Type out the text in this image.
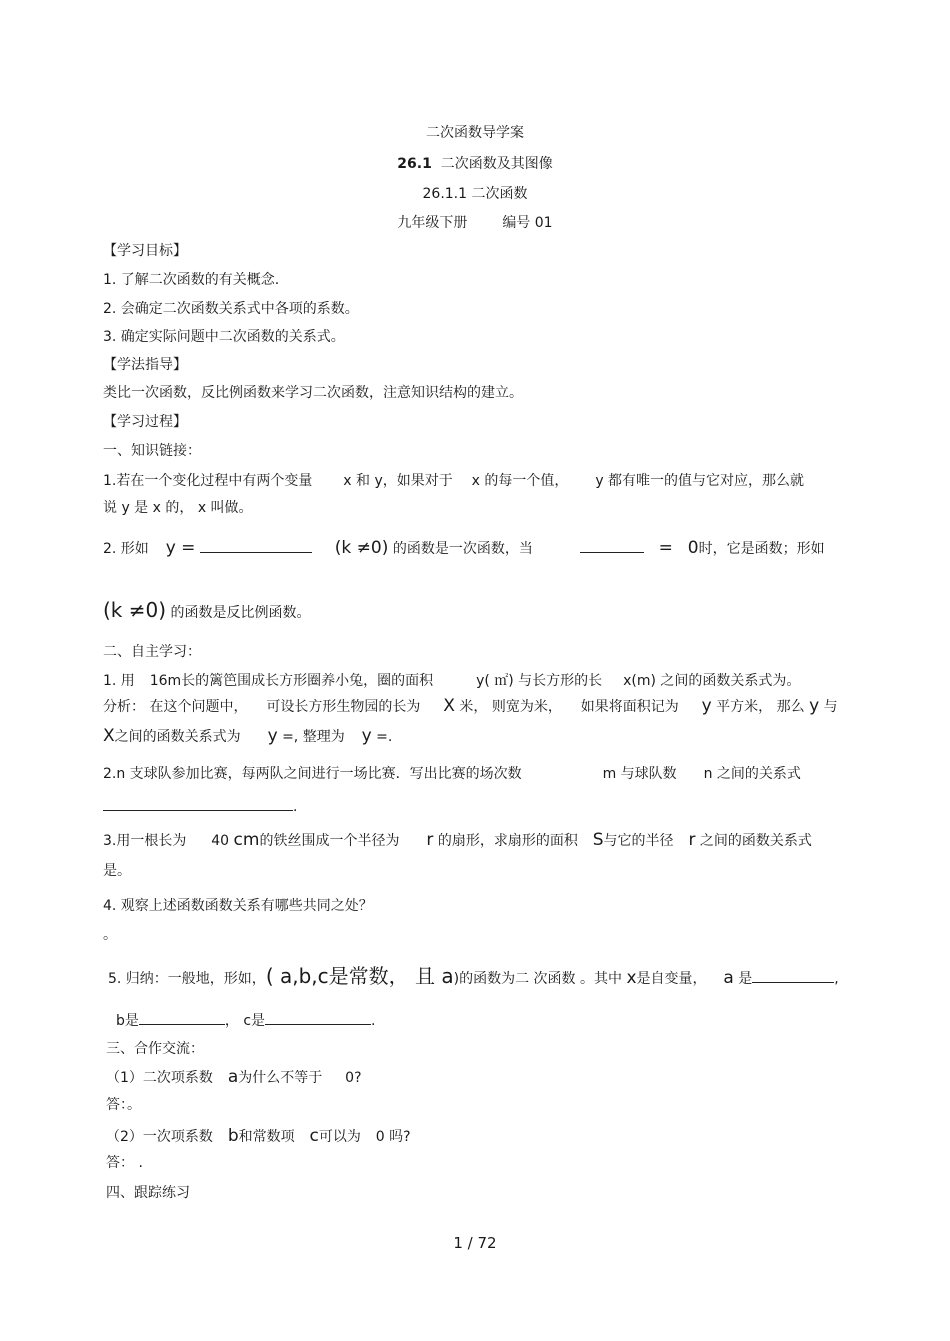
二次函数导学案
26.1 二次函数及其图像
26.1.1 二次函数
九年级下册 编号 01
【学习目标】
1. 了解二次函数的有关概念.
2. 会确定二次函数关系式中各项的系数。
3. 确定实际问题中二次函数的关系式。
【学法指导】
类比一次函数，反比例函数来学习二次函数，注意知识结构的建立。
【学习过程】
一、知识链接：
1.若在一个变化过程中有两个变量 x 和 y，如果对于 x 的每一个值， y 都有唯一的值与它对应，那么就
说 y 是 x 的， x 叫做。
2. 形如 y =	(k ≠0) 的函数是一次函数，当	= 0时，它是函数；形如
(k ≠0) 的函数是反比例函数。
二、自主学习：
1. 用 16m长的篱笆围成长方形圈养小兔，圈的面积	y( ㎡) 与长方形的长 x(m) 之间的函数关系式为。
分析： 在这个问题中， 可设长方形生物园的长为 X 米， 则宽为米， 如果将面积记为 y 平方米， 那么 y 与
X之间的函数关系式为 y =, 整理为 y =.
2.n 支球队参加比赛，每两队之间进行一场比赛．写出比赛的场次数	m 与球队数 n 之间的关系式
.
3.用一根长为 40 cm的铁丝围成一个半径为 r 的扇形，求扇形的面积 S与它的半径 r 之间的函数关系式
是。
4. 观察上述函数函数关系有哪些共同之处？
。
5. 归纳：一般地，形如，( a,b,c是常数， 且 a)的函数为二 次函数 。其中 x是自变量， a 是	,
b是	， c是	.
三、合作交流：
（1）二次项系数 a为什么不等于 0?
答：。
（2）一次项系数 b和常数项 c可以为 0 吗?
答： .
四、跟踪练习
1 / 72
